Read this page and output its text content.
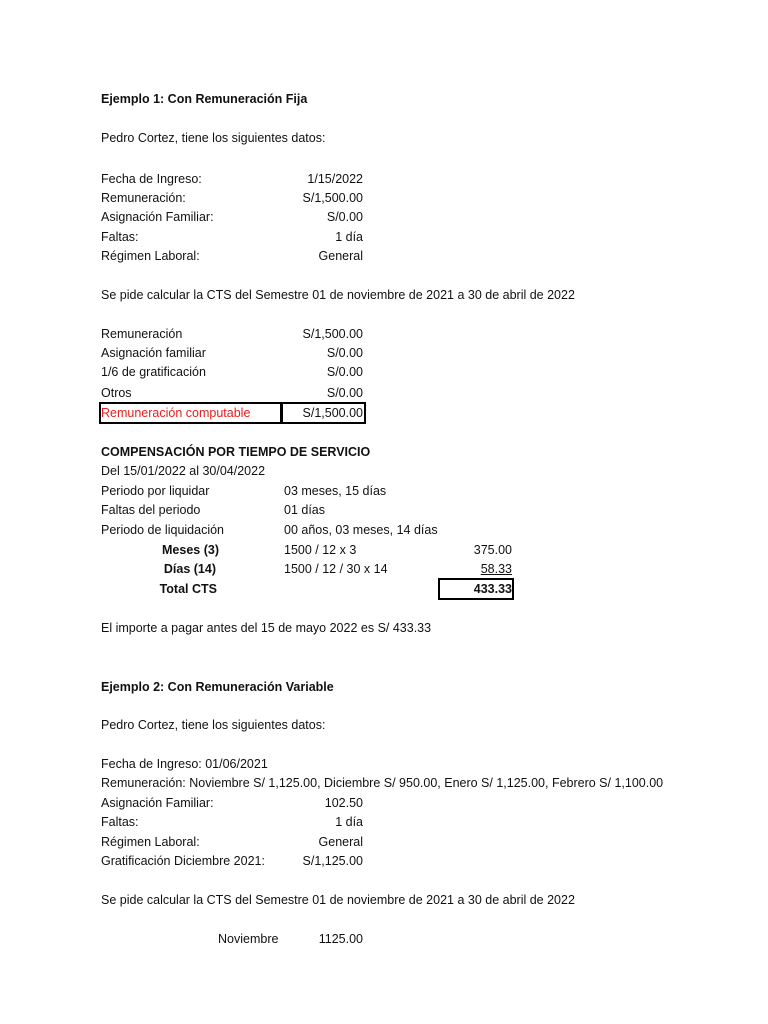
Ejemplo 1: Con Remuneración Fija
Pedro Cortez, tiene los siguientes datos:
Fecha de Ingreso:	1/15/2022
Remuneración:	S/1,500.00
Asignación Familiar:	S/0.00
Faltas:	1 día
Régimen Laboral:	General
Se pide calcular la CTS del Semestre 01 de noviembre de 2021 a 30 de abril de 2022
Remuneración	S/1,500.00
Asignación familiar	S/0.00
1/6 de gratificación	S/0.00
Otros	S/0.00
Remuneración computable	S/1,500.00
COMPENSACIÓN POR TIEMPO DE SERVICIO
Del 15/01/2022 al 30/04/2022
Periodo por liquidar	03 meses, 15 días
Faltas del periodo	01 días
Periodo de liquidación	00 años, 03 meses, 14 días
Meses (3)	1500 / 12 x 3	375.00
Días (14)	1500 / 12 / 30 x 14	58.33
Total CTS	433.33
El importe a pagar antes del 15 de mayo 2022 es S/ 433.33
Ejemplo 2: Con Remuneración Variable
Pedro Cortez, tiene los siguientes datos:
Fecha de Ingreso: 01/06/2021
Remuneración: Noviembre S/ 1,125.00, Diciembre S/ 950.00, Enero S/ 1,125.00, Febrero S/ 1,100.00
Asignación Familiar:	102.50
Faltas:	1 día
Régimen Laboral:	General
Gratificación Diciembre 2021:	S/1,125.00
Se pide calcular la CTS del Semestre 01 de noviembre de 2021 a 30 de abril de 2022
Noviembre	1125.00
